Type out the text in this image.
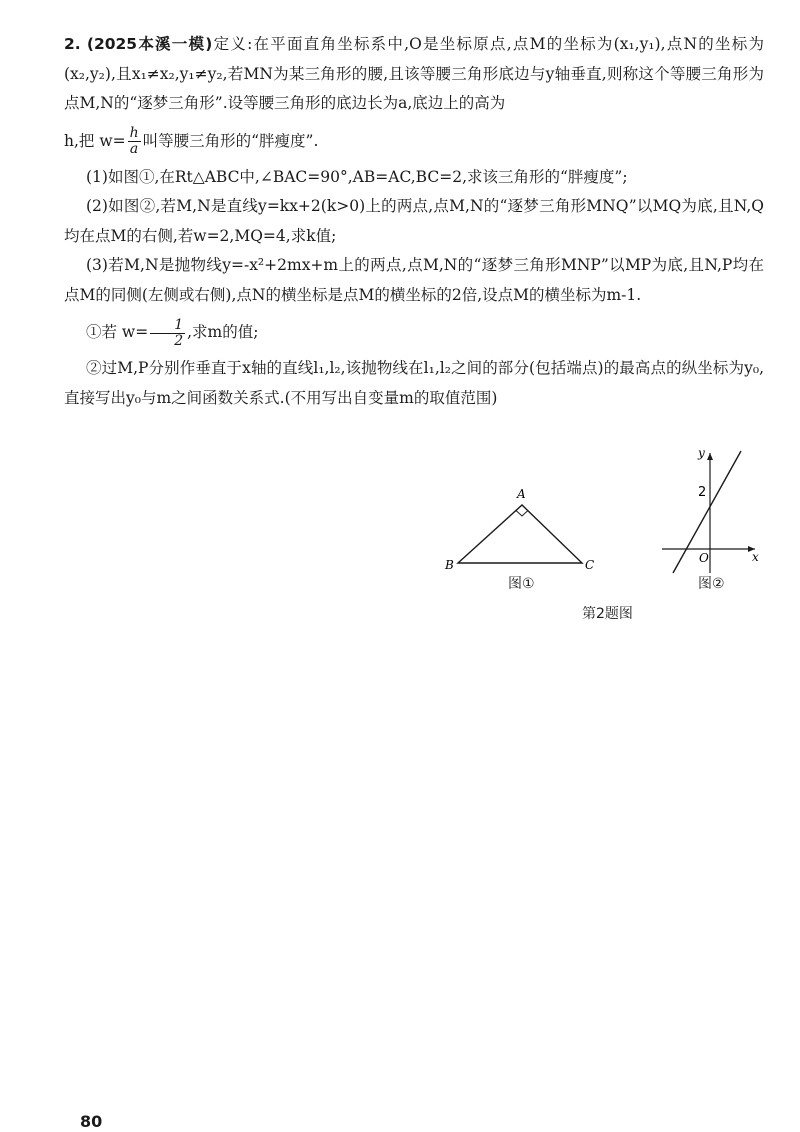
2. (2025本溪一模)定义:在平面直角坐标系中,O是坐标原点,点M的坐标为(x₁,y₁),点N的坐标为(x₂,y₂),且x₁≠x₂,y₁≠y₂,若MN为某三角形的腰,且该等腰三角形底边与y轴垂直,则称这个等腰三角形为点M,N的“逐梦三角形”.设等腰三角形的底边长为a,底边上的高为

h,把 $w= \frac{h}{a}$ 叫等腰三角形的“胖瘦度”.

(1)如图①,在Rt△ABC中,∠BAC=90°,AB=AC,BC=2,求该三角形的“胖瘦度”;

(2)如图②,若M,N是直线y=kx+2(k>0)上的两点,点M,N的“逐梦三角形MNQ”以MQ为底,且N,Q均在点M的右侧,若w=2,MQ=4,求k值;

(3)若M,N是抛物线y=-x²+2mx+m上的两点,点M,N的“逐梦三角形MNP”以MP为底,且N,P均在点M的同侧(左侧或右侧),点N的横坐标是点M的横坐标的2倍,设点M的横坐标为m-1.

①若 $w= \frac{1}{2}$ ,求m的值;

②过M,P分别作垂直于x轴的直线l₁,l₂,该抛物线在l₁,l₂之间的部分(包括端点)的最高点的纵坐标为y₀,直接写出y₀与m之间函数关系式.(不用写出自变量m的取值范围)

A
B	C
y
x
O
2
图①	图②
第2题图
80
